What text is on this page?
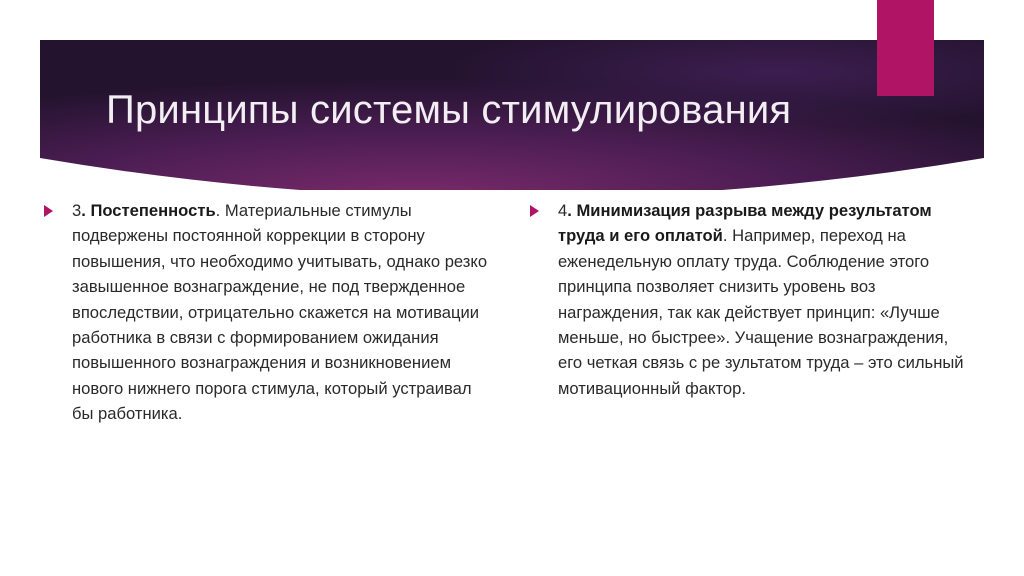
Принципы системы стимулирования
3. Постепенность. Материальные стимулы подвержены постоянной коррекции в сторону повышения, что необходимо учитывать, однако резко завышенное вознаграждение, не под твержденное впоследствии, отрицательно скажется на мотивации работника в связи с формированием ожидания повышенного вознаграждения и возникновением нового нижнего порога стимула, который устраивал бы работника.
4. Минимизация разрыва между результатом труда и его оплатой. Например, переход на еженедельную оплату труда. Соблюдение этого принципа позволяет снизить уровень воз награждения, так как действует принцип: «Лучше меньше, но быстрее». Учащение вознаграждения, его четкая связь с ре зультатом труда – это сильный мотивационный фактор.
